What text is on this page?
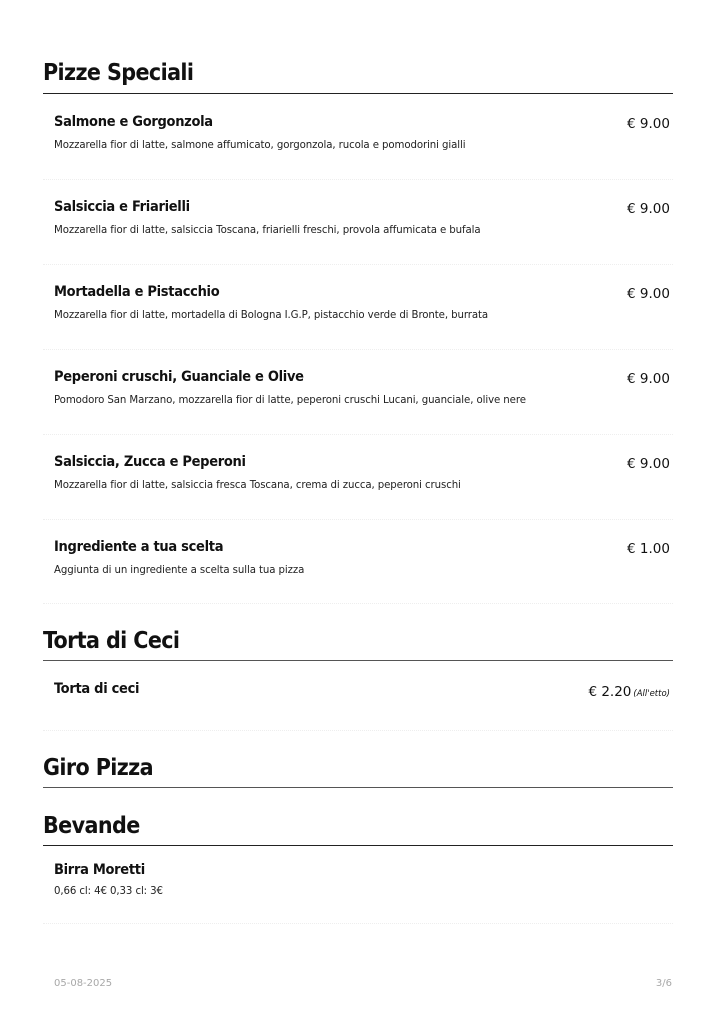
Pizze Speciali
Salmone e Gorgonzola	€ 9.00
Mozzarella fior di latte, salmone affumicato, gorgonzola, rucola e pomodorini gialli
Salsiccia e Friarielli	€ 9.00
Mozzarella fior di latte, salsiccia Toscana, friarielli freschi, provola affumicata e bufala
Mortadella e Pistacchio	€ 9.00
Mozzarella fior di latte, mortadella di Bologna I.G.P, pistacchio verde di Bronte, burrata
Peperoni cruschi, Guanciale e Olive	€ 9.00
Pomodoro San Marzano, mozzarella fior di latte, peperoni cruschi Lucani, guanciale, olive nere
Salsiccia, Zucca e Peperoni	€ 9.00
Mozzarella fior di latte, salsiccia fresca Toscana, crema di zucca, peperoni cruschi
Ingrediente a tua scelta	€ 1.00
Aggiunta di un ingrediente a scelta sulla tua pizza
Torta di Ceci
Torta di ceci	€ 2.20 (All'etto)
Giro Pizza
Bevande
Birra Moretti
0,66 cl: 4€ 0,33 cl: 3€
05-08-2025	3/6
